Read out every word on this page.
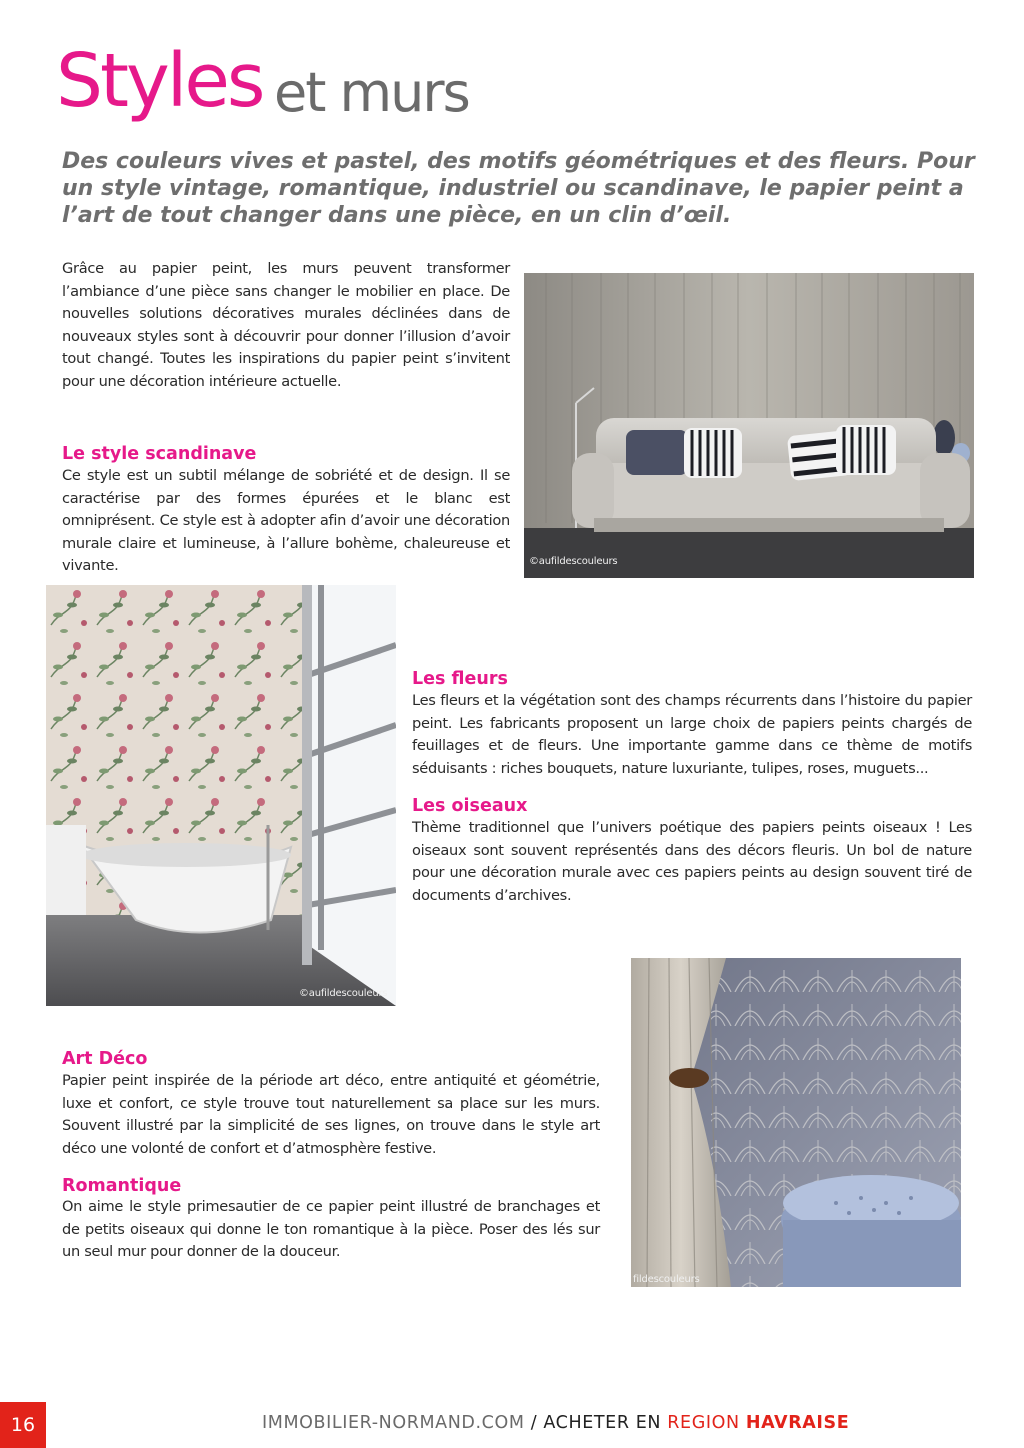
Styles et murs

Des couleurs vives et pastel, des motifs géométriques et des fleurs. Pour un style vintage, romantique, industriel ou scandinave, le papier peint a l’art de tout changer dans une pièce, en un clin d’œil.

Grâce au papier peint, les murs peuvent transformer l’ambiance d’une pièce sans changer le mobilier en place. De nouvelles solutions décoratives murales déclinées dans de nouveaux styles sont à découvrir pour donner l’illusion d’avoir tout changé. Toutes les inspirations du papier peint s’invitent pour une décoration intérieure actuelle.

Le style scandinave

Ce style est un subtil mélange de sobriété et de design. Il se caractérise par des formes épurées et le blanc est omniprésent. Ce style est à adopter afin d’avoir une décoration murale claire et lumineuse, à l’allure bohème, chaleureuse et vivante.	©aufildescouleurs
©aufildescouleurs

Les fleurs

Les fleurs et la végétation sont des champs récurrents dans l’histoire du papier peint. Les fabricants proposent un large choix de papiers peints chargés de feuillages et de fleurs. Une importante gamme dans ce thème de motifs séduisants : riches bouquets, nature luxuriante, tulipes, roses, muguets...

Les oiseaux

Thème traditionnel que l’univers poétique des papiers peints oiseaux ! Les oiseaux sont souvent représentés dans des décors fleuris. Un bol de nature pour une décoration murale avec ces papiers peints au design souvent tiré de documents d’archives.

fildescouleurs

Art Déco

Papier peint inspirée de la période art déco, entre antiquité et géométrie, luxe et confort, ce style trouve tout naturellement sa place sur les murs. Souvent illustré par la simplicité de ses lignes, on trouve dans le style art déco une volonté de confort et d’atmosphère festive.

Romantique

On aime le style primesautier de ce papier peint illustré de branchages et de petits oiseaux qui donne le ton romantique à la pièce. Poser des lés sur un seul mur pour donner de la douceur.

16	IMMOBILIER-NORMAND.COM / ACHETER EN REGION HAVRAISE
